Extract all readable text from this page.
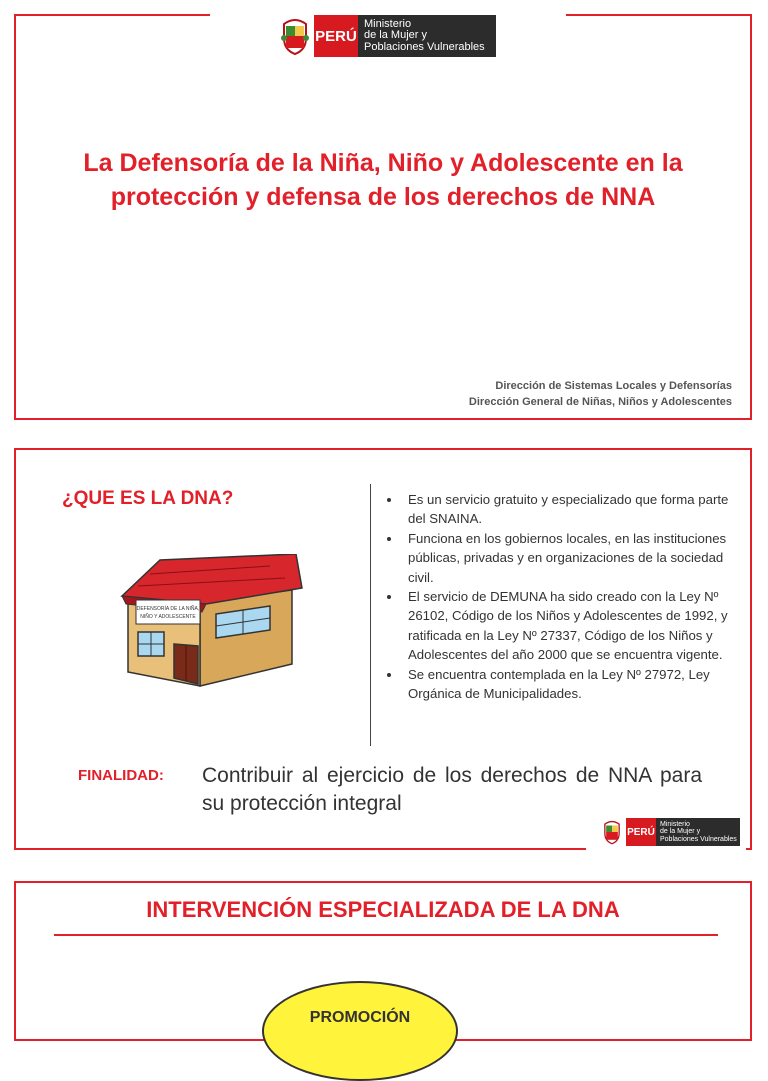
PERÚ
Ministerio
de la Mujer y
Poblaciones Vulnerables
La Defensoría de la Niña, Niño y Adolescente en la protección y defensa de los derechos de NNA
Dirección de Sistemas Locales y Defensorías
Dirección General de Niñas, Niños y Adolescentes
¿QUE ES LA DNA?
DEFENSORÍA DE LA NIÑA,
NIÑO Y ADOLESCENTE
• Es un servicio gratuito y especializado que forma parte del SNAINA.
• Funciona en los gobiernos locales, en las instituciones públicas, privadas y en organizaciones de la sociedad civil.
• El servicio de DEMUNA ha sido creado con la Ley Nº 26102, Código de los Niños y Adolescentes de 1992, y ratificada en la Ley Nº 27337, Código de los Niños y Adolescentes del año 2000 que se encuentra vigente.
• Se encuentra contemplada en la Ley Nº 27972, Ley Orgánica de Municipalidades.
FINALIDAD:	Contribuir al ejercicio de los derechos de NNA para su protección integral
PERÚ
Ministerio
de la Mujer y
Poblaciones Vulnerables
INTERVENCIÓN ESPECIALIZADA DE LA DNA
PROMOCIÓN
